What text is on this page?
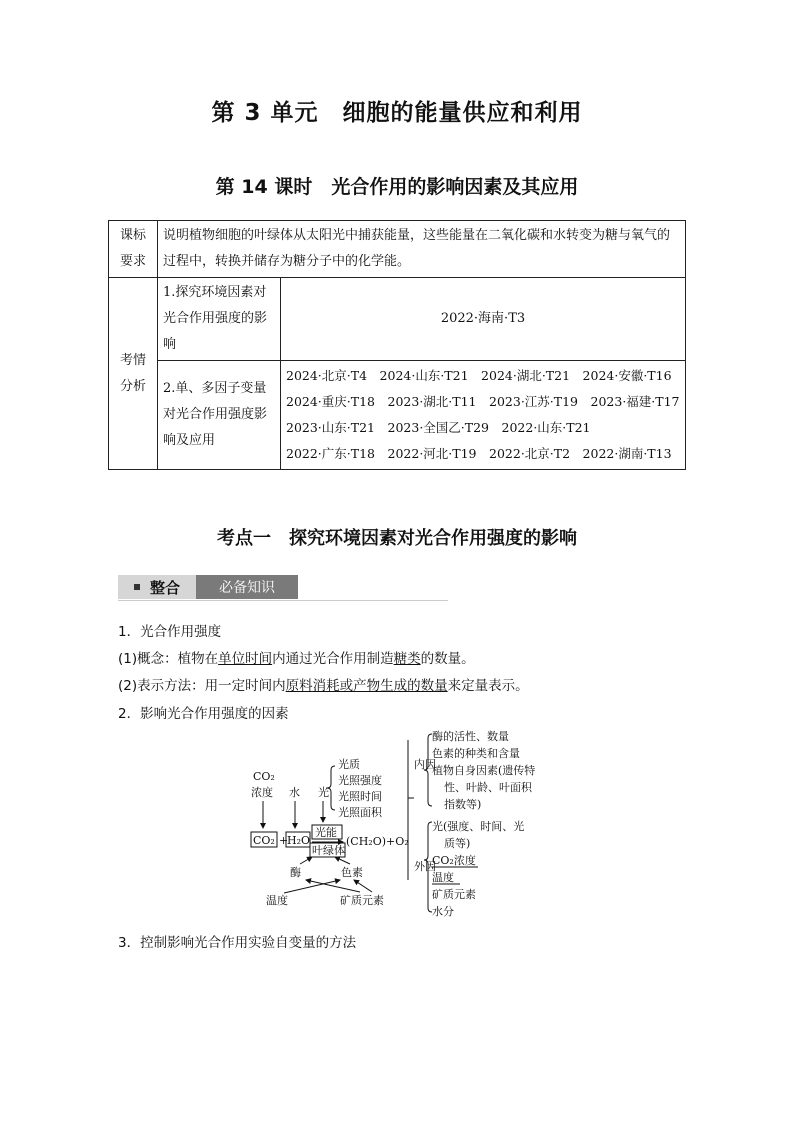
第 3 单元　细胞的能量供应和利用
第 14 课时　光合作用的影响因素及其应用
课标
要求	说明植物细胞的叶绿体从太阳光中捕获能量，这些能量在二氧化碳和水转变为糖与氧气的过程中，转换并储存为糖分子中的化学能。	
考情
分析	1.探究环境因素对光合作用强度的影响	2022·海南·T3
	2.单、多因子变量对光合作用强度影响及应用	2024·北京·T4　2024·山东·T21　2024·湖北·T21　2024·安徽·T16
2024·重庆·T18　2023·湖北·T11　2023·江苏·T19　2023·福建·T17
2023·山东·T21　2023·全国乙·T29　2022·山东·T21
2022·广东·T18　2022·河北·T19　2022·北京·T2　2022·湖南·T13
考点一　探究环境因素对光合作用强度的影响
整合	必备知识
1．光合作用强度
(1)概念：植物在单位时间内通过光合作用制造糖类的数量。
(2)表示方法：用一定时间内原料消耗或产物生成的数量来定量表示。
2．影响光合作用强度的因素
CO₂
浓度 水 光
光质
光照强度
光照时间
光照面积
CO₂ +
H₂O
光能
叶绿体
(CH₂O)+O₂
酶	色素
温度	矿质元素
内因
酶的活性、数量
色素的种类和含量
植物自身因素(遗传特
性、叶龄、叶面积
指数等)
外因
光(强度、时间、光
质等)
CO₂浓度
温度
矿质元素
水分
3．控制影响光合作用实验自变量的方法
